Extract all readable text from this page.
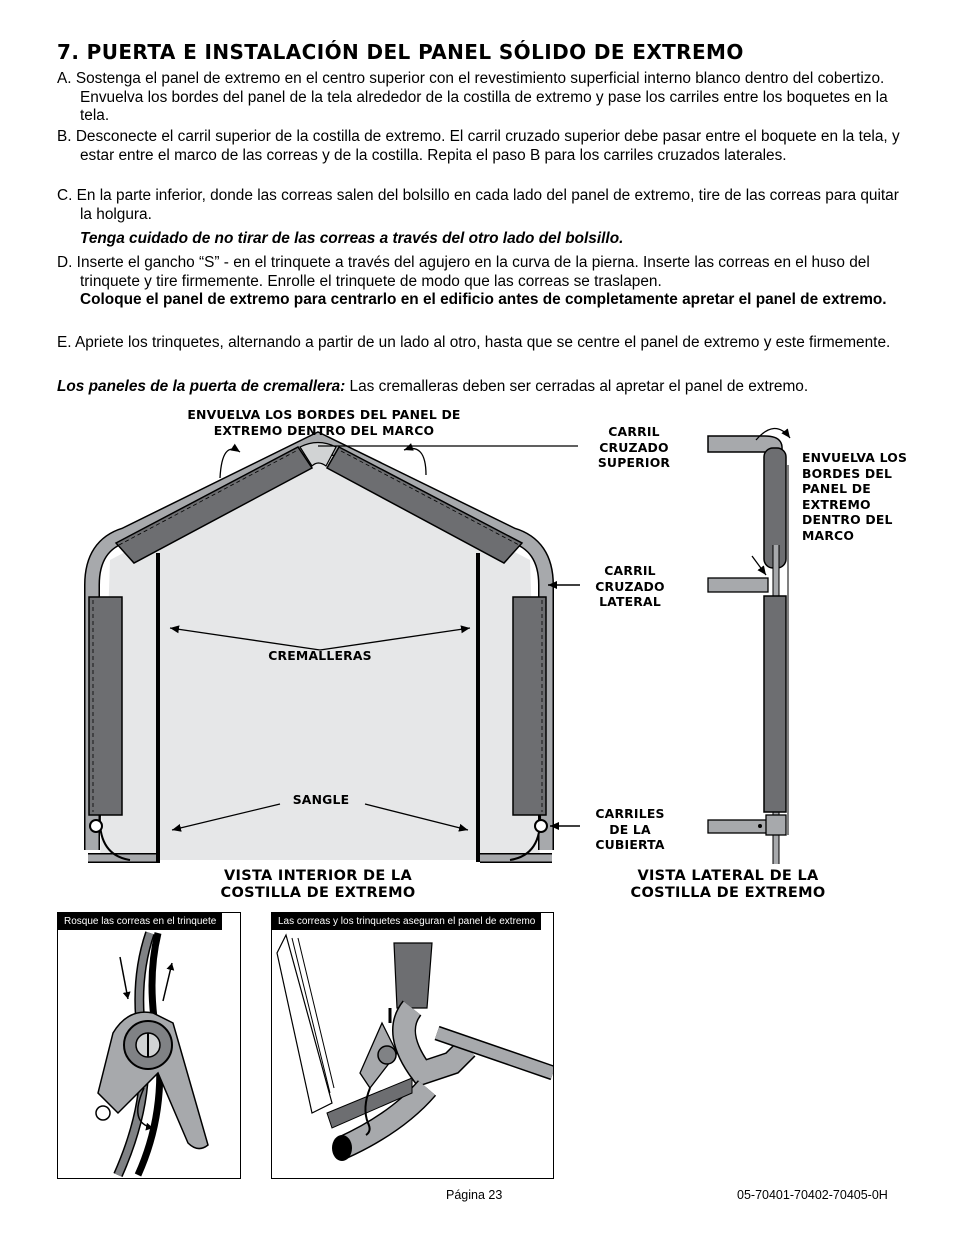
7. PUERTA E INSTALACIÓN DEL PANEL SÓLIDO DE EXTREMO
A. Sostenga el panel de extremo en el centro superior con el revestimiento superficial interno blanco dentro del cobertizo. Envuelva los bordes del panel de la tela alrededor de la costilla de extremo y pase los carriles entre los boquetes en la tela.
B. Desconecte el carril superior de la costilla de extremo. El carril cruzado superior debe pasar entre el boquete en la tela, y estar entre el marco de las correas y de la costilla. Repita el paso B para los carriles cruzados laterales.
C. En la parte inferior, donde las correas salen del bolsillo en cada lado del panel de extremo, tire de las correas para quitar la holgura.
Tenga cuidado de no tirar de las correas a través del otro lado del bolsillo.
D. Inserte el gancho “S” - en el trinquete a través del agujero en la curva de la pierna. Inserte las correas en el huso del trinquete y tire firmemente. Enrolle el trinquete de modo que las correas se traslapen.
Coloque el panel de extremo para centrarlo en el edificio antes de completamente apretar el panel de extremo.
E. Apriete los trinquetes, alternando a partir de un lado al otro, hasta que se centre el panel de extremo y este firmemente.
Los paneles de la puerta de cremallera: Las cremalleras deben ser cerradas al apretar el panel de extremo.
ENVUELVA LOS BORDES DEL PANEL DE EXTREMO DENTRO DEL MARCO	CARRIL CRUZADO SUPERIOR
CARRIL CRUZADO LATERAL
CARRILES DE LA CUBIERTA
ENVUELVA LOS BORDES DEL PANEL DE EXTREMO DENTRO DEL MARCO
CREMALLERAS
SANGLE
VISTA INTERIOR DE LA COSTILLA DE EXTREMO
VISTA LATERAL DE LA COSTILLA DE EXTREMO
Rosque las correas en el trinquete	Las correas y los trinquetes aseguran el panel de extremo
Página 23	05-70401-70402-70405-0H
